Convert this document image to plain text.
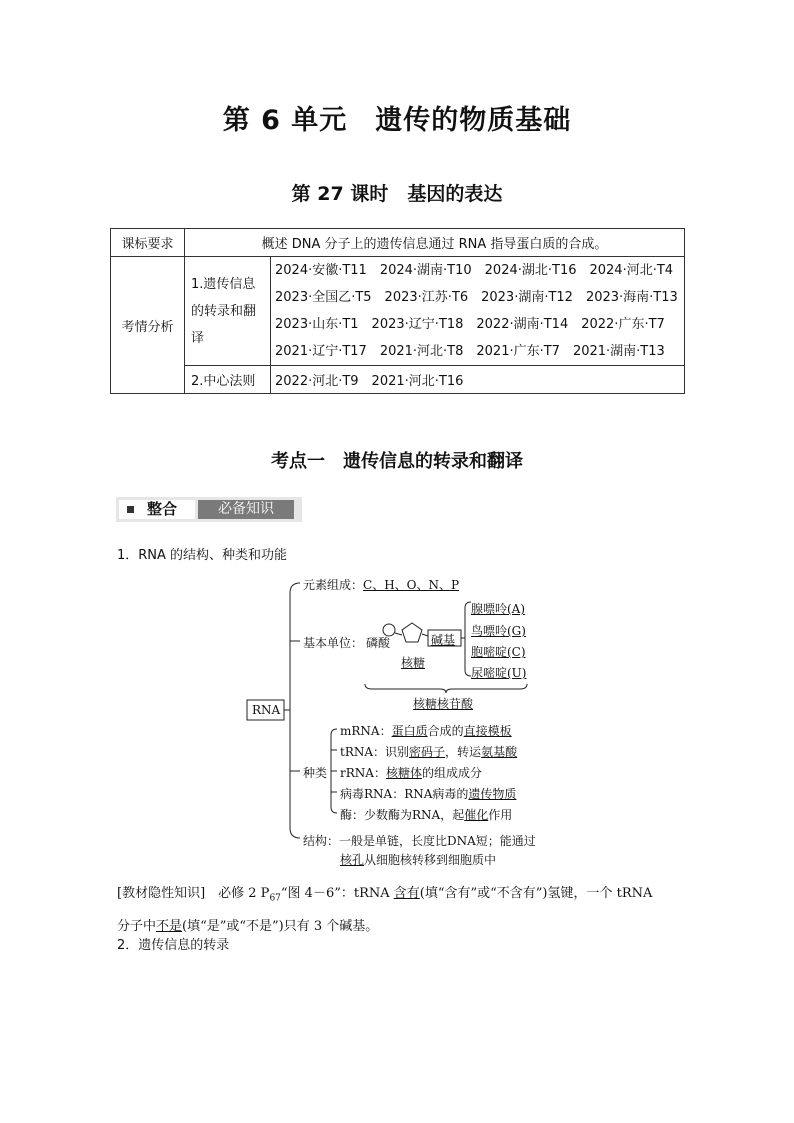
第 6 单元　遗传的物质基础
第 27 课时　基因的表达
课标要求	概述 DNA 分子上的遗传信息通过 RNA 指导蛋白质的合成。	
考情分析	1.遗传信息的转录和翻译	2024·安徽·T11　2024·湖南·T10　2024·湖北·T16　2024·河北·T4
2023·全国乙·T5　2023·江苏·T6　2023·湖南·T12　2023·海南·T13
2023·山东·T1　2023·辽宁·T18　2022·湖南·T14　2022·广东·T7
2021·辽宁·T17　2021·河北·T8　2021·广东·T7　2021·湖南·T13

	2.中心法则	2022·河北·T9　2021·河北·T16
考点一　遗传信息的转录和翻译
整合	必备知识
1．RNA 的结构、种类和功能
RNA
元素组成：C、H、O、N、P
基本单位： 磷酸
核糖
碱基
腺嘌呤(A)
鸟嘌呤(G)
胞嘧啶(C)
尿嘧啶(U)
核糖核苷酸
种类
mRNA：蛋白质合成的直接模板
tRNA：识别密码子，转运氨基酸
rRNA：核糖体的组成成分
病毒RNA：RNA病毒的遗传物质
酶：少数酶为RNA，起催化作用
结构：一般是单链，长度比DNA短；能通过
核孔从细胞核转移到细胞质中
[教材隐性知识]　必修 2 $P_{67}“$图 4－6”：tRNA 含有(填“含有”或“不含有”)氢键，一个 tRNA
分子中不是(填“是”或“不是”)只有 3 个碱基。
2．遗传信息的转录
